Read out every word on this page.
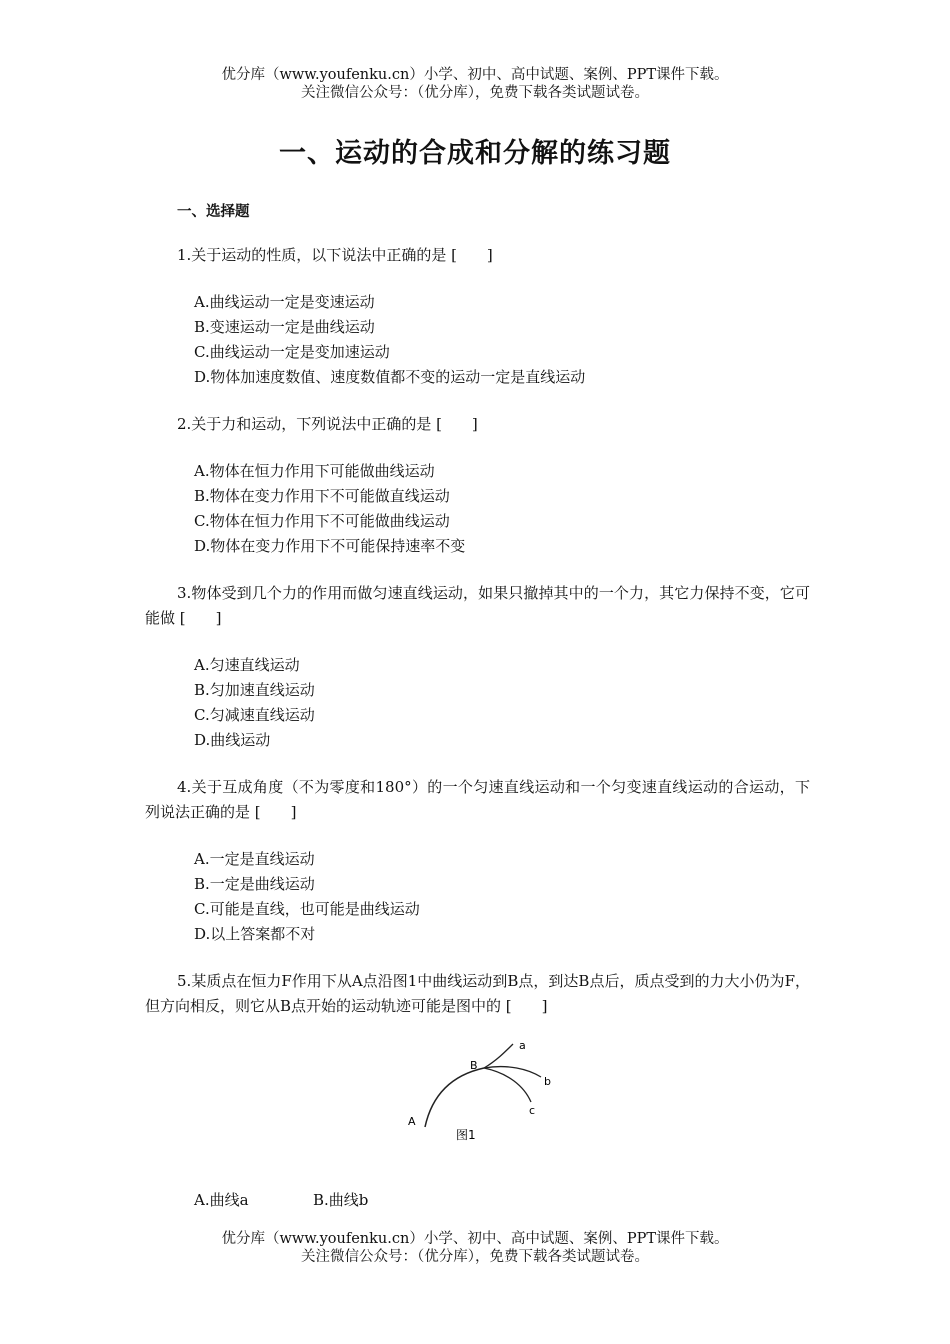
优分库（www.youfenku.cn）小学、初中、高中试题、案例、PPT课件下载。
关注微信公众号：（优分库），免费下载各类试题试卷。
一、运动的合成和分解的练习题
一、选择题
1.关于运动的性质，以下说法中正确的是 [　　]
A.曲线运动一定是变速运动
B.变速运动一定是曲线运动
C.曲线运动一定是变加速运动
D.物体加速度数值、速度数值都不变的运动一定是直线运动
2.关于力和运动，下列说法中正确的是 [　　]
A.物体在恒力作用下可能做曲线运动
B.物体在变力作用下不可能做直线运动
C.物体在恒力作用下不可能做曲线运动
D.物体在变力作用下不可能保持速率不变
3.物体受到几个力的作用而做匀速直线运动，如果只撤掉其中的一个力，其它力保持不变，它可能做 [　　]
A.匀速直线运动
B.匀加速直线运动
C.匀减速直线运动
D.曲线运动
4.关于互成角度（不为零度和180°）的一个匀速直线运动和一个匀变速直线运动的合运动，下列说法正确的是 [　　]
A.一定是直线运动
B.一定是曲线运动
C.可能是直线，也可能是曲线运动
D.以上答案都不对
5.某质点在恒力F作用下从A点沿图1中曲线运动到B点，到达B点后，质点受到的力大小仍为F，但方向相反，则它从B点开始的运动轨迹可能是图中的 [　　]
A
B
a
b
c
图1
A.曲线a	B.曲线b
优分库（www.youfenku.cn）小学、初中、高中试题、案例、PPT课件下载。
关注微信公众号：（优分库），免费下载各类试题试卷。
